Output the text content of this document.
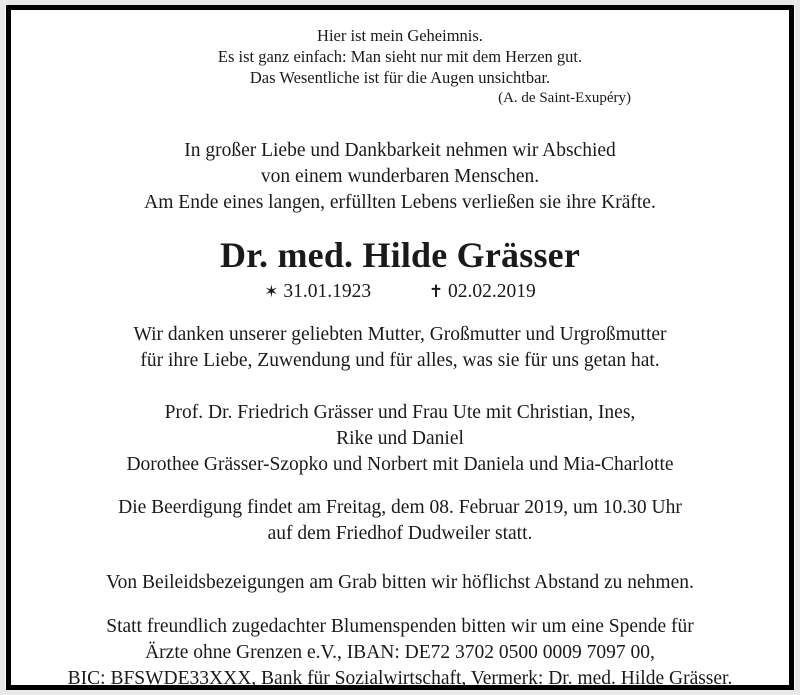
Hier ist mein Geheimnis.
Es ist ganz einfach: Man sieht nur mit dem Herzen gut.
Das Wesentliche ist für die Augen unsichtbar.
(A. de Saint-Exupéry)
In großer Liebe und Dankbarkeit nehmen wir Abschied
von einem wunderbaren Menschen.
Am Ende eines langen, erfüllten Lebens verließen sie ihre Kräfte.
Dr. med. Hilde Grässer
✶ 31.01.1923	✝ 02.02.2019
Wir danken unserer geliebten Mutter, Großmutter und Urgroßmutter
für ihre Liebe, Zuwendung und für alles, was sie für uns getan hat.
Prof. Dr. Friedrich Grässer und Frau Ute mit Christian, Ines,
Rike und Daniel
Dorothee Grässer-Szopko und Norbert mit Daniela und Mia-Charlotte
Die Beerdigung findet am Freitag, dem 08. Februar 2019, um 10.30 Uhr
auf dem Friedhof Dudweiler statt.
Von Beileidsbezeigungen am Grab bitten wir höflichst Abstand zu nehmen.
Statt freundlich zugedachter Blumenspenden bitten wir um eine Spende für
Ärzte ohne Grenzen e.V., IBAN: DE72 3702 0500 0009 7097 00,
BIC: BFSWDE33XXX, Bank für Sozialwirtschaft, Vermerk: Dr. med. Hilde Grässer.
